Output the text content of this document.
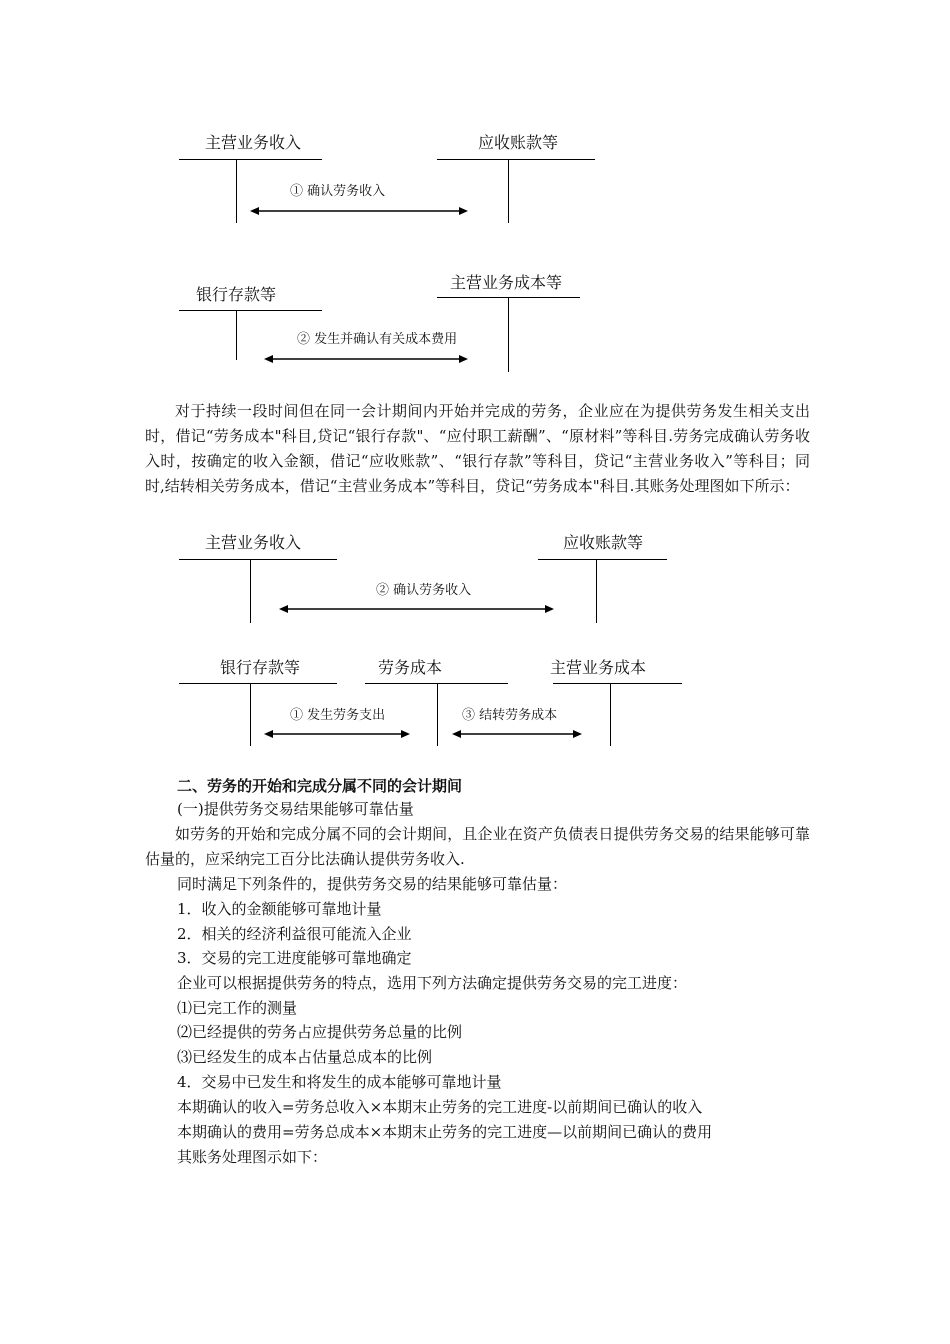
主营业务收入	应收账款等
① 确认劳务收入
银行存款等
主营业务成本等
② 发生并确认有关成本费用

对于持续一段时间但在同一会计期间内开始并完成的劳务，企业应在为提供劳务发生相关支出时，借记“劳务成本"科目,贷记“银行存款"、“应付职工薪酬”、“原材料”等科目.劳务完成确认劳务收入时，按确定的收入金额，借记“应收账款”、“银行存款”等科目，贷记“主营业务收入”等科目；同时,结转相关劳务成本，借记“主营业务成本”等科目，贷记“劳务成本"科目.其账务处理图如下所示：

主营业务收入	应收账款等
② 确认劳务收入
银行存款等	劳务成本	主营业务成本
① 发生劳务支出	③ 结转劳务成本
二、劳务的开始和完成分属不同的会计期间
(一)提供劳务交易结果能够可靠估量

如劳务的开始和完成分属不同的会计期间，且企业在资产负债表日提供劳务交易的结果能够可靠估量的，应采纳完工百分比法确认提供劳务收入.

同时满足下列条件的，提供劳务交易的结果能够可靠估量：
1．收入的金额能够可靠地计量
2．相关的经济利益很可能流入企业
3．交易的完工进度能够可靠地确定
企业可以根据提供劳务的特点，选用下列方法确定提供劳务交易的完工进度：
⑴已完工作的测量
⑵已经提供的劳务占应提供劳务总量的比例
⑶已经发生的成本占估量总成本的比例
4．交易中已发生和将发生的成本能够可靠地计量
本期确认的收入=劳务总收入×本期末止劳务的完工进度-以前期间已确认的收入
本期确认的费用=劳务总成本×本期末止劳务的完工进度—以前期间已确认的费用
其账务处理图示如下：
